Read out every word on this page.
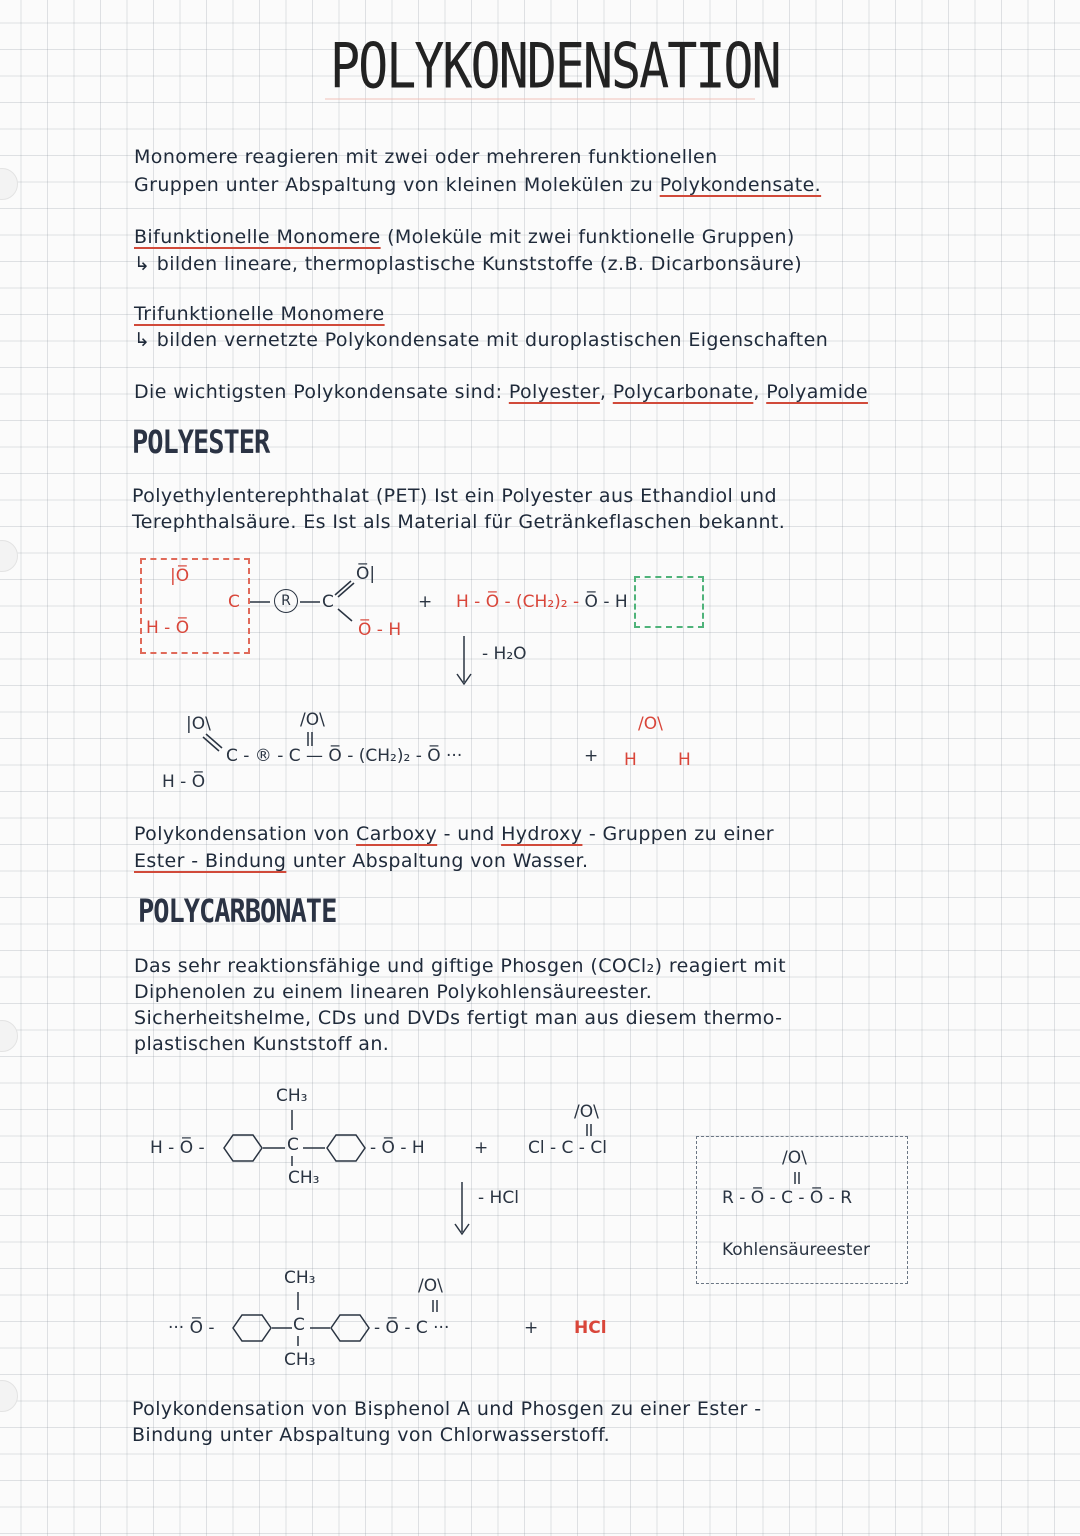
POLYKONDENSATION
Monomere reagieren mit zwei oder mehreren funktionellen
Gruppen unter Abspaltung von kleinen Molekülen zu Polykondensate.
Bifunktionelle Monomere (Moleküle mit zwei funktionelle Gruppen)
↳ bilden lineare, thermoplastische Kunststoffe (z.B. Dicarbonsäure)
Trifunktionelle Monomere
↳ bilden vernetzte Polykondensate mit duroplastischen Eigenschaften
Die wichtigsten Polykondensate sind: Polyester, Polycarbonate, Polyamide
POLYESTER
Polyethylenterephthalat (PET) Ist ein Polyester aus Ethandiol und
Terephthalsäure. Es Ist als Material für Getränkeflaschen bekannt.
|O̅
H - O̅
C	R	C
O̅|
O̅ - H
+ H - O̅ - (CH₂)₂ - O̅ - H
- H₂O
|O\
H - O̅
C - ® - C — O̅ - (CH₂)₂ - O̅ ···
/O\
+
/O\
H H
Polykondensation von Carboxy - und Hydroxy - Gruppen zu einer
Ester - Bindung unter Abspaltung von Wasser.
POLYCARBONATE
Das sehr reaktionsfähige und giftige Phosgen (COCl₂) reagiert mit
Diphenolen zu einem linearen Polykohlensäureester.
Sicherheitshelme, CDs und DVDs fertigt man aus diesem thermo-
plastischen Kunststoff an.
H - O̅ -
CH₃
C
CH₃
- O̅ - H	+
/O\
Cl - C - Cl	/O\
R - O̅ - C - O̅ - R
Kohlensäureester
- HCl
··· O̅ -
CH₃
C
CH₃
- O̅ - C ···
/O\
+ HCl
Polykondensation von Bisphenol A und Phosgen zu einer Ester -
Bindung unter Abspaltung von Chlorwasserstoff.
